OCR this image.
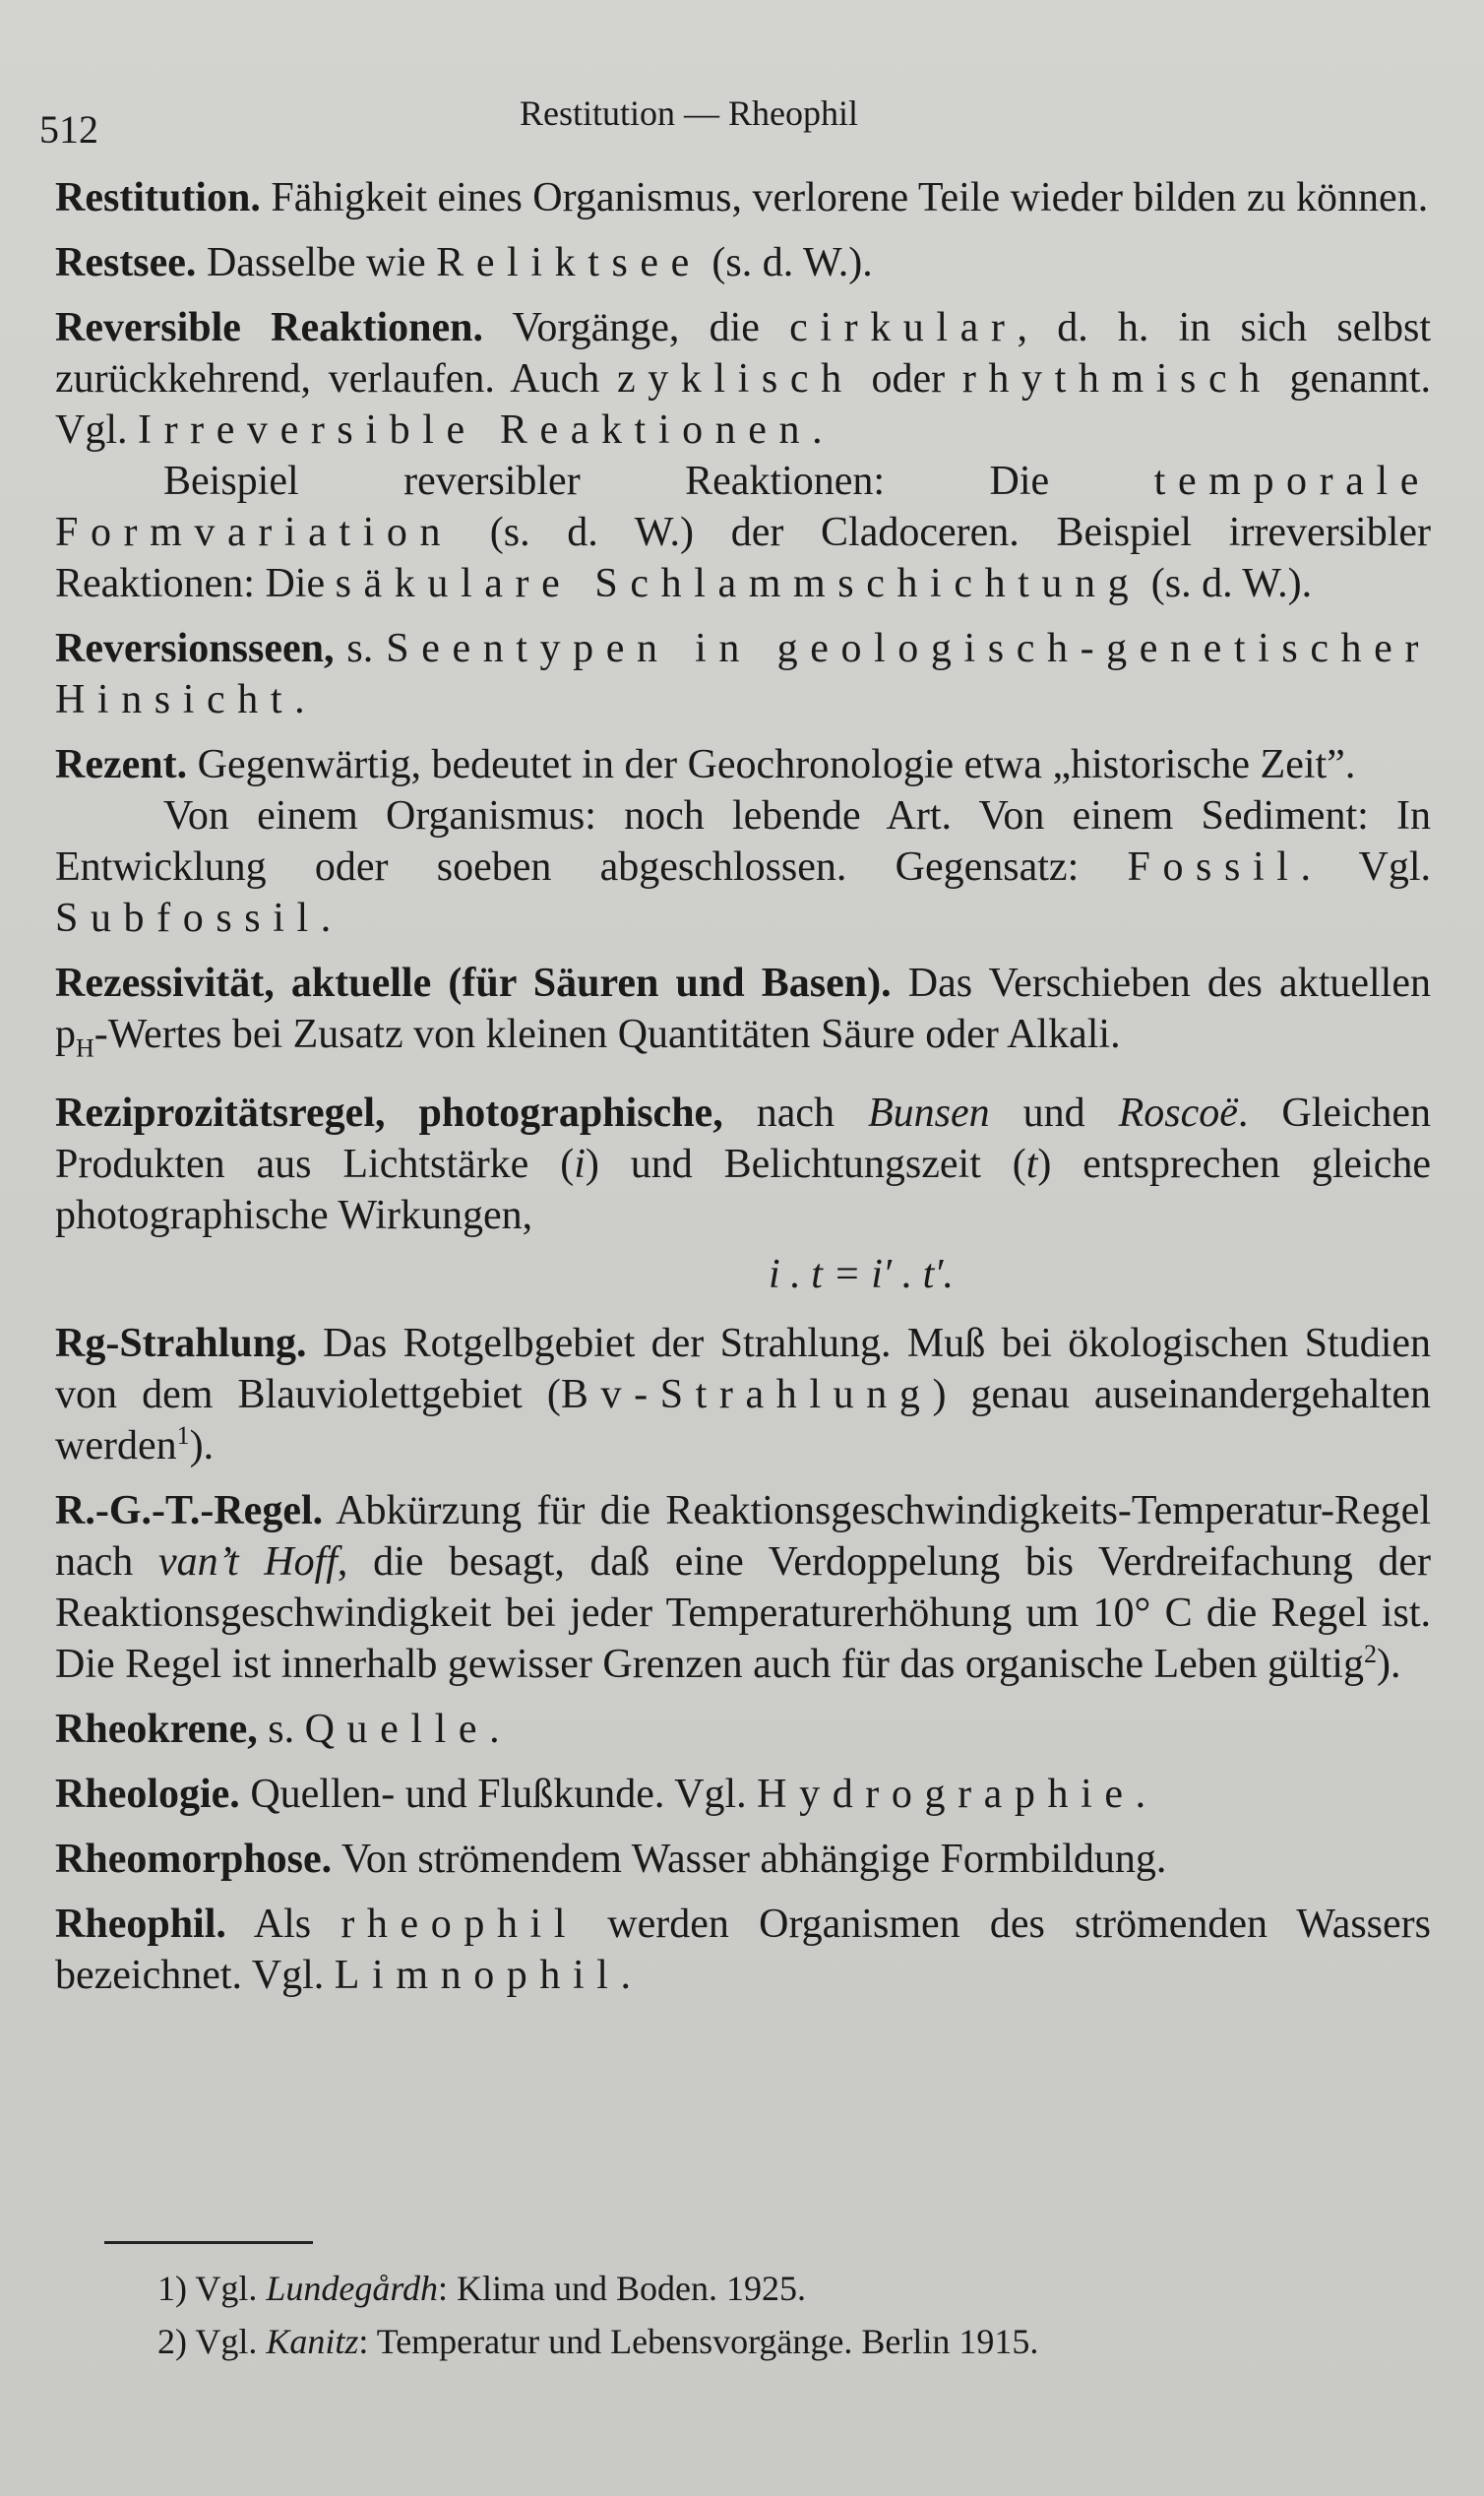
512	Restitution — Rheophil

Restitution. Fähigkeit eines Organismus, verlorene Teile wieder bilden zu können.

Restsee. Dasselbe wie Reliktsee (s. d. W.).

Reversible Reaktionen. Vorgänge, die cirkular, d. h. in sich selbst zurückkehrend, verlaufen. Auch zyklisch oder rhythmisch genannt. Vgl. Irreversible Reaktionen.

Beispiel reversibler Reaktionen: Die temporale Formvariation (s. d. W.) der Cladoceren. Beispiel irreversibler Reaktionen: Die säkulare Schlammschichtung (s. d. W.).

Reversionsseen, s. Seentypen in geologisch-genetischer Hinsicht.

Rezent. Gegenwärtig, bedeutet in der Geochronologie etwa „historische Zeit”.

Von einem Organismus: noch lebende Art. Von einem Sediment: In Entwicklung oder soeben abgeschlossen. Gegensatz: Fossil. Vgl. Subfossil.

Rezessivität, aktuelle (für Säuren und Basen). Das Verschieben des aktuellen $p_H$-Wertes bei Zusatz von kleinen Quantitäten Säure oder Alkali.

Reziprozitätsregel, photographische, nach Bunsen und Roscoë. Gleichen Produkten aus Lichtstärke (i) und Belichtungszeit (t) entsprechen gleiche photographische Wirkungen,

i . t = i′ . t′.

Rg-Strahlung. Das Rotgelbgebiet der Strahlung. Muß bei ökologischen Studien von dem Blauviolettgebiet (Bv-Strahlung) genau auseinandergehalten werden$^1$).

R.-G.-T.-Regel. Abkürzung für die Reaktionsgeschwindigkeits-Temperatur-Regel nach van’t Hoff, die besagt, daß eine Verdoppelung bis Verdreifachung der Reaktionsgeschwindigkeit bei jeder Temperaturerhöhung um 10° C die Regel ist. Die Regel ist innerhalb gewisser Grenzen auch für das organische Leben gültig$^2$).

Rheokrene, s. Quelle.

Rheologie. Quellen- und Flußkunde. Vgl. Hydrographie.

Rheomorphose. Von strömendem Wasser abhängige Formbildung.

Rheophil. Als rheophil werden Organismen des strömenden Wassers bezeichnet. Vgl. Limnophil.

1) Vgl. Lundegårdh: Klima und Boden. 1925.
2) Vgl. Kanitz: Temperatur und Lebensvorgänge. Berlin 1915.
